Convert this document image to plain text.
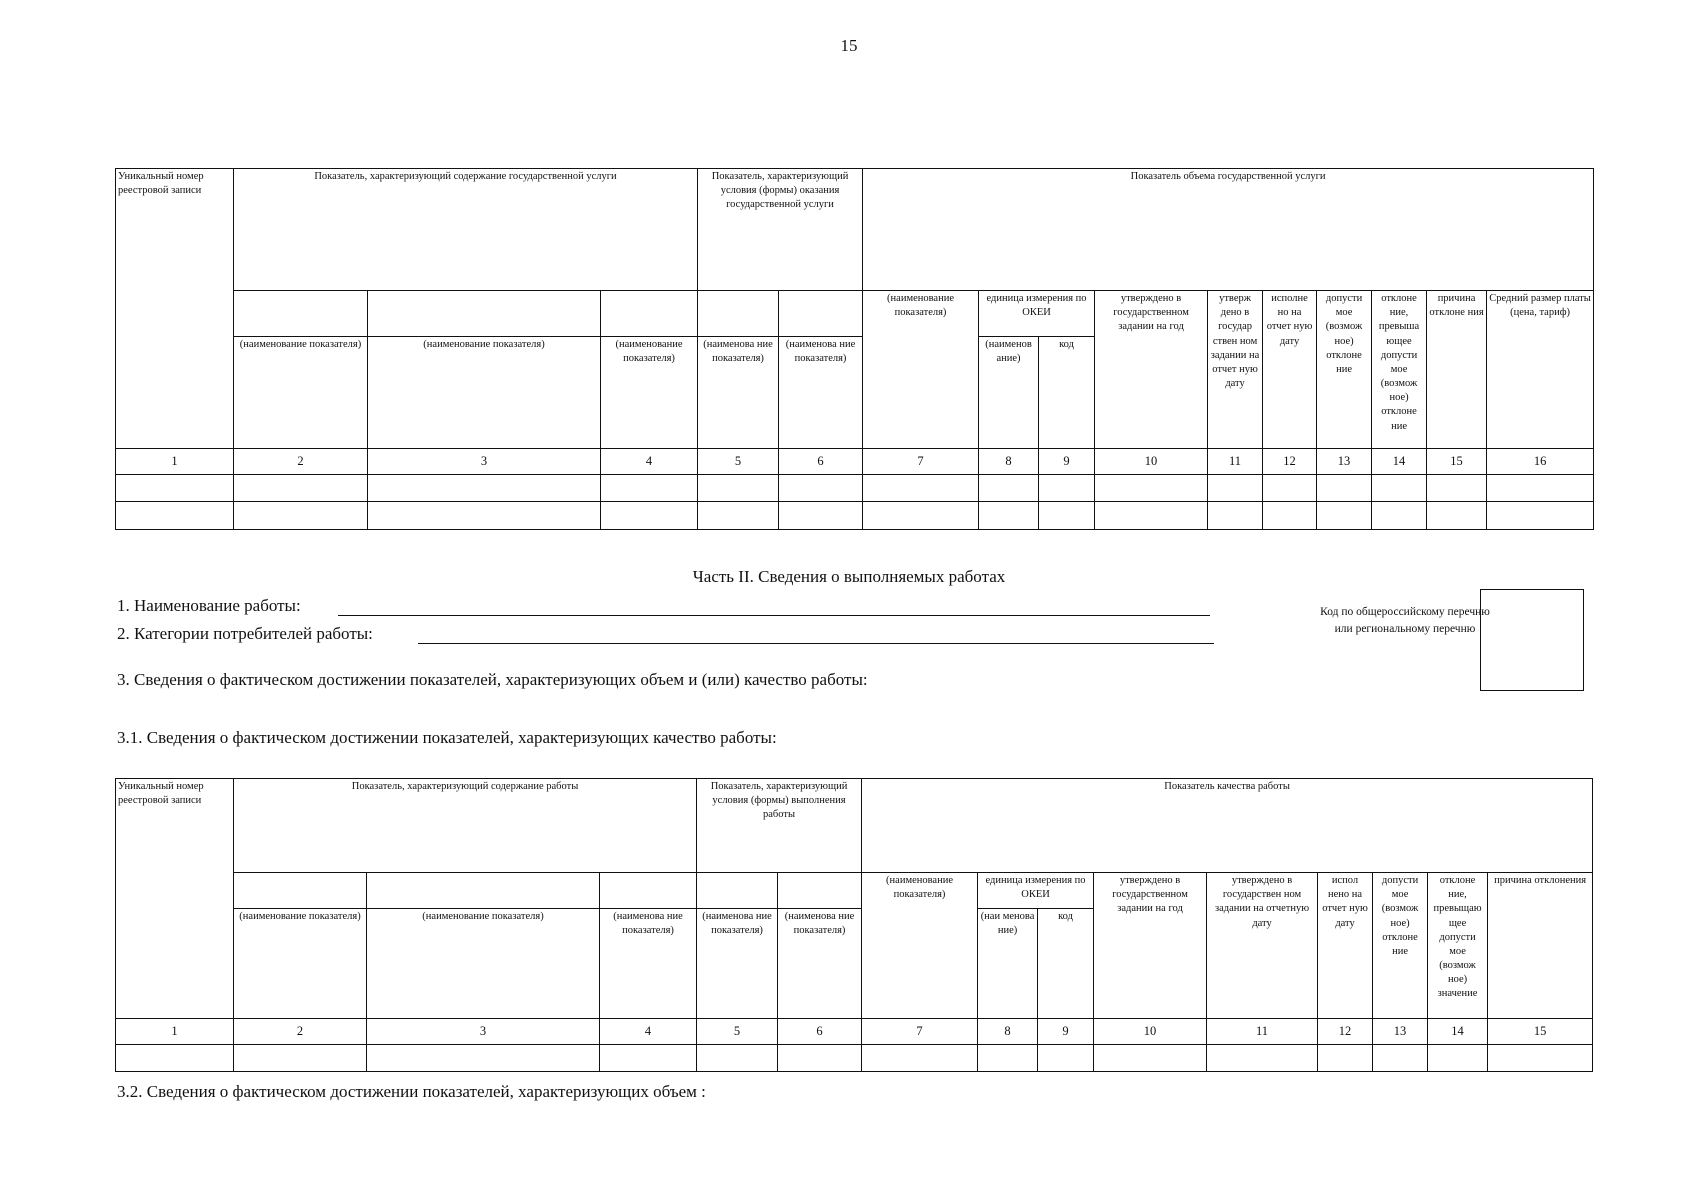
15
Уникальный номер реестровой записи	Показатель, характеризующий содержание государственной услуги			Показатель, характеризующий условия (формы) оказания государственной услуги		Показатель объема государственной услуги									
						(наименование показателя)	единица измерения по ОКЕИ		утверждено в государственном задании на год	утверж дено в государ ствен ном задании на отчет ную дату	исполне но на отчет ную дату	допусти мое (возмож ное) отклоне ние	отклоне ние, превыша ющее допусти мое (возмож ное) отклоне ние	причина отклоне ния	Средний размер платы (цена, тариф)
	(наименование показателя)	(наименование показателя)	(наименование показателя)	(наименова ние показателя)	(наименова ние показателя)		(наименов ание)	код							
1	2	3	4	5	6	7	8	9	10	11	12	13	14	15	16

Часть II. Сведения о выполняемых работах
1. Наименование работы:
2. Категории потребителей работы:
3. Сведения о фактическом достижении показателей, характеризующих объем и (или) качество работы:
Код по общероссийскому перечню или региональному перечню
3.1. Сведения о фактическом достижении показателей, характеризующих качество работы:
Уникальный номер реестровой записи	Показатель, характеризующий содержание работы			Показатель, характеризующий условия (формы) выполнения работы		Показатель качества работы								
						(наименование показателя)	единица измерения по ОКЕИ		утверждено в государственном задании на год	утверждено в государствен ном задании на отчетную дату	испол нено на отчет ную дату	допусти мое (возмож ное) отклоне ние	отклоне ние, превыщаю щее допусти мое (возмож ное) значение	причина отклонения
	(наименование показателя)	(наименование показателя)	(наименова ние показателя)	(наименова ние показателя)	(наименова ние показателя)		(наи менова ние)	код						
1	2	3	4	5	6	7	8	9	10	11	12	13	14	15

3.2. Сведения о фактическом достижении показателей, характеризующих объем :
